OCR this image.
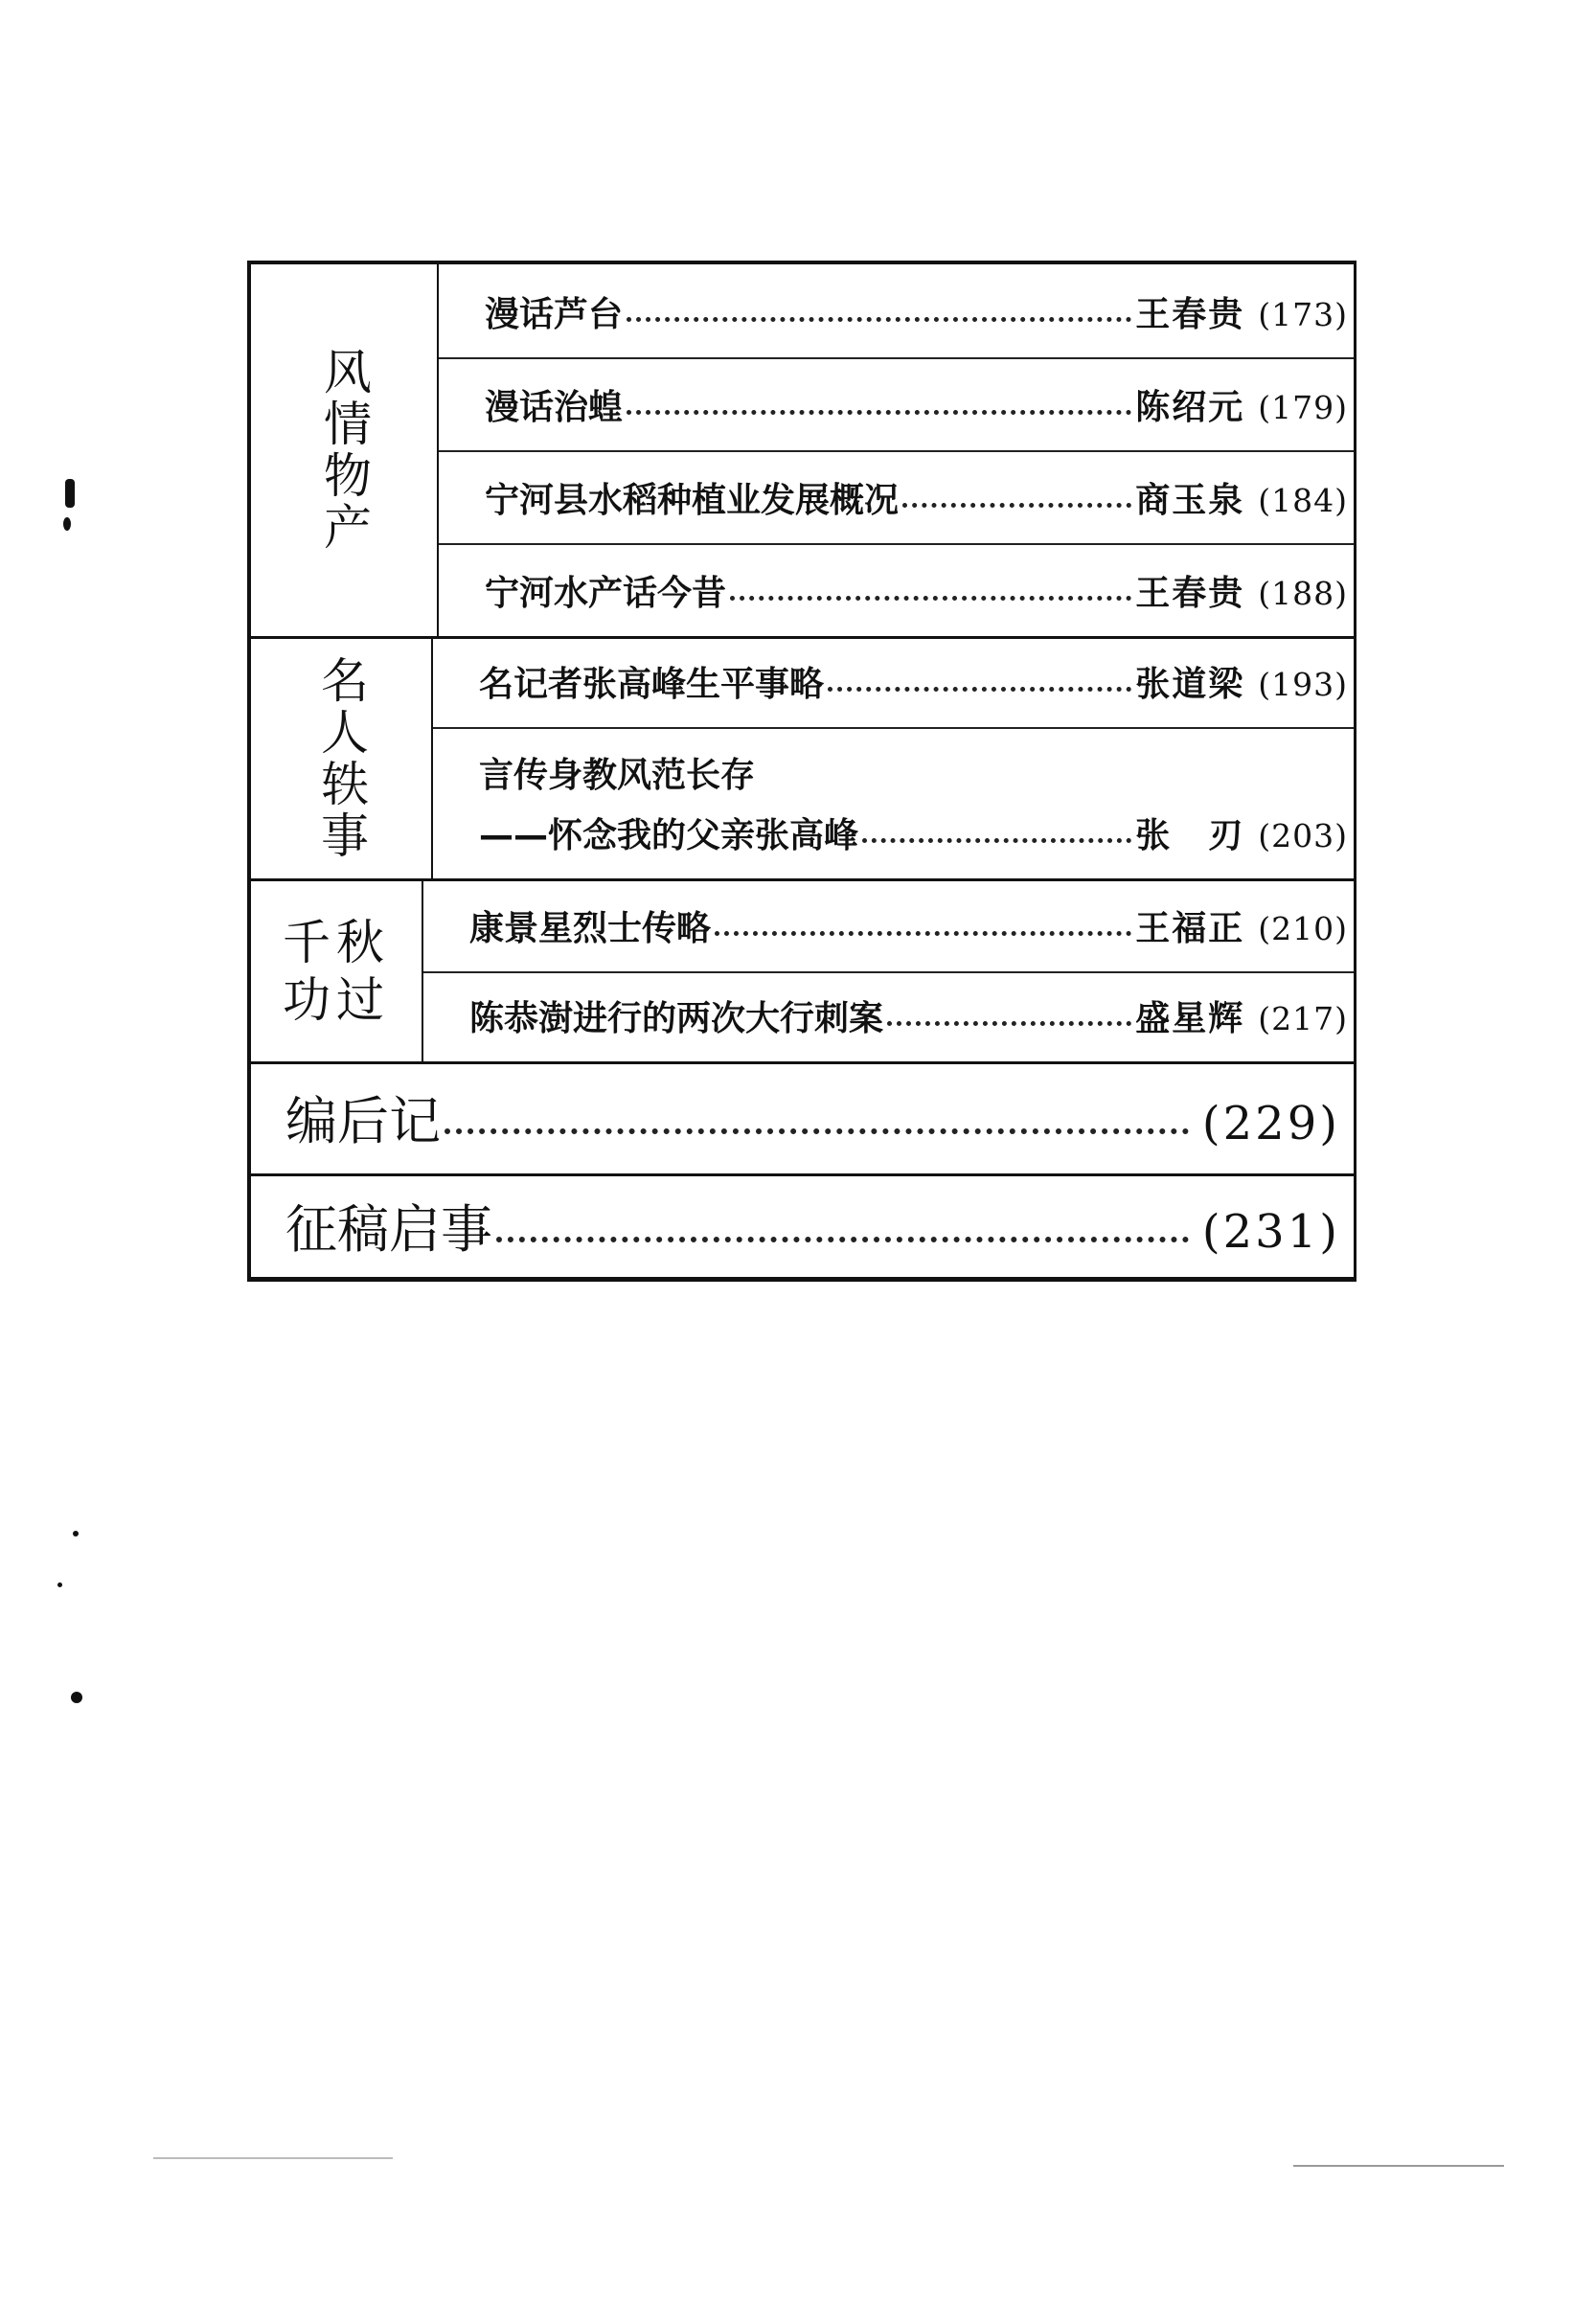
风情物产
漫话芦台	王春贵 (173)
漫话治蝗	陈绍元 (179)
宁河县水稻种植业发展概况	商玉泉 (184)
宁河水产话今昔	王春贵 (188)
名人轶事	名记者张高峰生平事略	张道梁 (193)
言传身教风范长存
——怀念我的父亲张高峰	张　刃 (203)
千秋
功过
康景星烈士传略	王福正 (210)
陈恭澍进行的两次大行刺案	盛星辉 (217)
编后记	(229)
征稿启事	(231)
